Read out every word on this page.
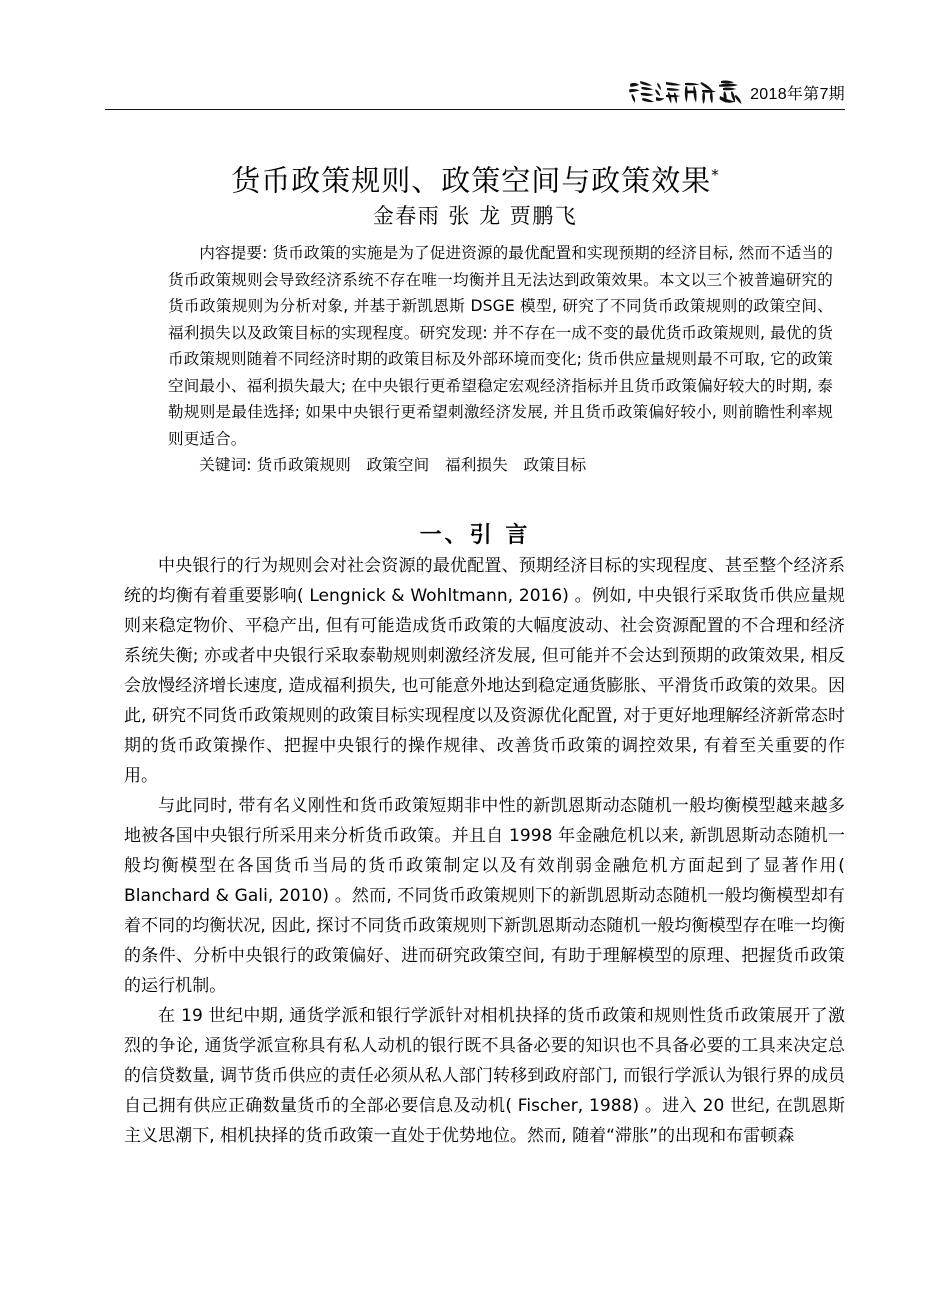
2018年第7期
货币政策规则、政策空间与政策效果*
金春雨 张 龙 贾鹏飞
内容提要: 货币政策的实施是为了促进资源的最优配置和实现预期的经济目标, 然而不适当的货币政策规则会导致经济系统不存在唯一均衡并且无法达到政策效果。本文以三个被普遍研究的货币政策规则为分析对象, 并基于新凯恩斯 DSGE 模型, 研究了不同货币政策规则的政策空间、福利损失以及政策目标的实现程度。研究发现: 并不存在一成不变的最优货币政策规则, 最优的货币政策规则随着不同经济时期的政策目标及外部环境而变化; 货币供应量规则最不可取, 它的政策空间最小、福利损失最大; 在中央银行更希望稳定宏观经济指标并且货币政策偏好较大的时期, 泰勒规则是最佳选择; 如果中央银行更希望刺激经济发展, 并且货币政策偏好较小, 则前瞻性利率规则更适合。
关键词: 货币政策规则　政策空间　福利损失　政策目标
一、引 言

中央银行的行为规则会对社会资源的最优配置、预期经济目标的实现程度、甚至整个经济系统的均衡有着重要影响( Lengnick & Wohltmann, 2016) 。例如, 中央银行采取货币供应量规则来稳定物价、平稳产出, 但有可能造成货币政策的大幅度波动、社会资源配置的不合理和经济系统失衡; 亦或者中央银行采取泰勒规则刺激经济发展, 但可能并不会达到预期的政策效果, 相反会放慢经济增长速度, 造成福利损失, 也可能意外地达到稳定通货膨胀、平滑货币政策的效果。因此, 研究不同货币政策规则的政策目标实现程度以及资源优化配置, 对于更好地理解经济新常态时期的货币政策操作、把握中央银行的操作规律、改善货币政策的调控效果, 有着至关重要的作用。

与此同时, 带有名义刚性和货币政策短期非中性的新凯恩斯动态随机一般均衡模型越来越多地被各国中央银行所采用来分析货币政策。并且自 1998 年金融危机以来, 新凯恩斯动态随机一般均衡模型在各国货币当局的货币政策制定以及有效削弱金融危机方面起到了显著作用( Blanchard & Gali, 2010) 。然而, 不同货币政策规则下的新凯恩斯动态随机一般均衡模型却有着不同的均衡状况, 因此, 探讨不同货币政策规则下新凯恩斯动态随机一般均衡模型存在唯一均衡的条件、分析中央银行的政策偏好、进而研究政策空间, 有助于理解模型的原理、把握货币政策的运行机制。

在 19 世纪中期, 通货学派和银行学派针对相机抉择的货币政策和规则性货币政策展开了激烈的争论, 通货学派宣称具有私人动机的银行既不具备必要的知识也不具备必要的工具来决定总的信贷数量, 调节货币供应的责任必须从私人部门转移到政府部门, 而银行学派认为银行界的成员自己拥有供应正确数量货币的全部必要信息及动机( Fischer, 1988) 。进入 20 世纪, 在凯恩斯主义思潮下, 相机抉择的货币政策一直处于优势地位。然而, 随着“滞胀”的出现和布雷顿森
